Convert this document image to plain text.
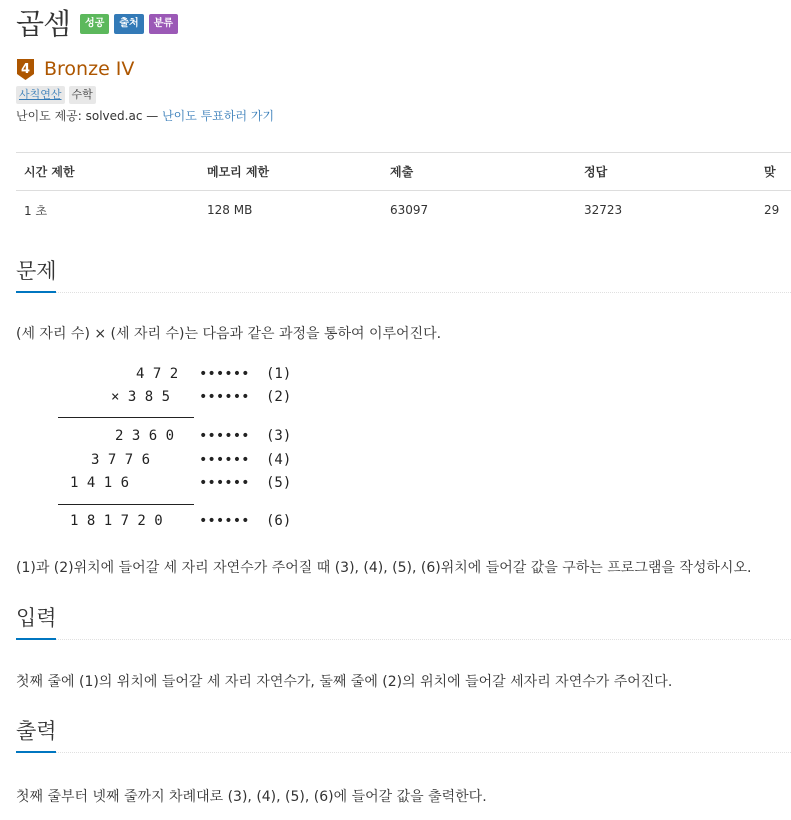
곱셈	성공	출처	분류
4 Bronze IV
사칙연산 수학
난이도 제공: solved.ac — 난이도 투표하러 가기
시간 제한	메모리 제한	제출	정답	맞
1 초	128 MB	63097	32723	29
문제
(세 자리 수) × (세 자리 수)는 다음과 같은 과정을 통하여 이루어진다.
4 7 2 •••••• (1)
× 3 8 5 •••••• (2)
2 3 6 0 •••••• (3)
3 7 7 6	•••••• (4)
1 4 1 6	•••••• (5)
1 8 1 7 2 0	•••••• (6)
(1)과 (2)위치에 들어갈 세 자리 자연수가 주어질 때 (3), (4), (5), (6)위치에 들어갈 값을 구하는 프로그램을 작성하시오.
입력
첫째 줄에 (1)의 위치에 들어갈 세 자리 자연수가, 둘째 줄에 (2)의 위치에 들어갈 세자리 자연수가 주어진다.
출력
첫째 줄부터 넷째 줄까지 차례대로 (3), (4), (5), (6)에 들어갈 값을 출력한다.
